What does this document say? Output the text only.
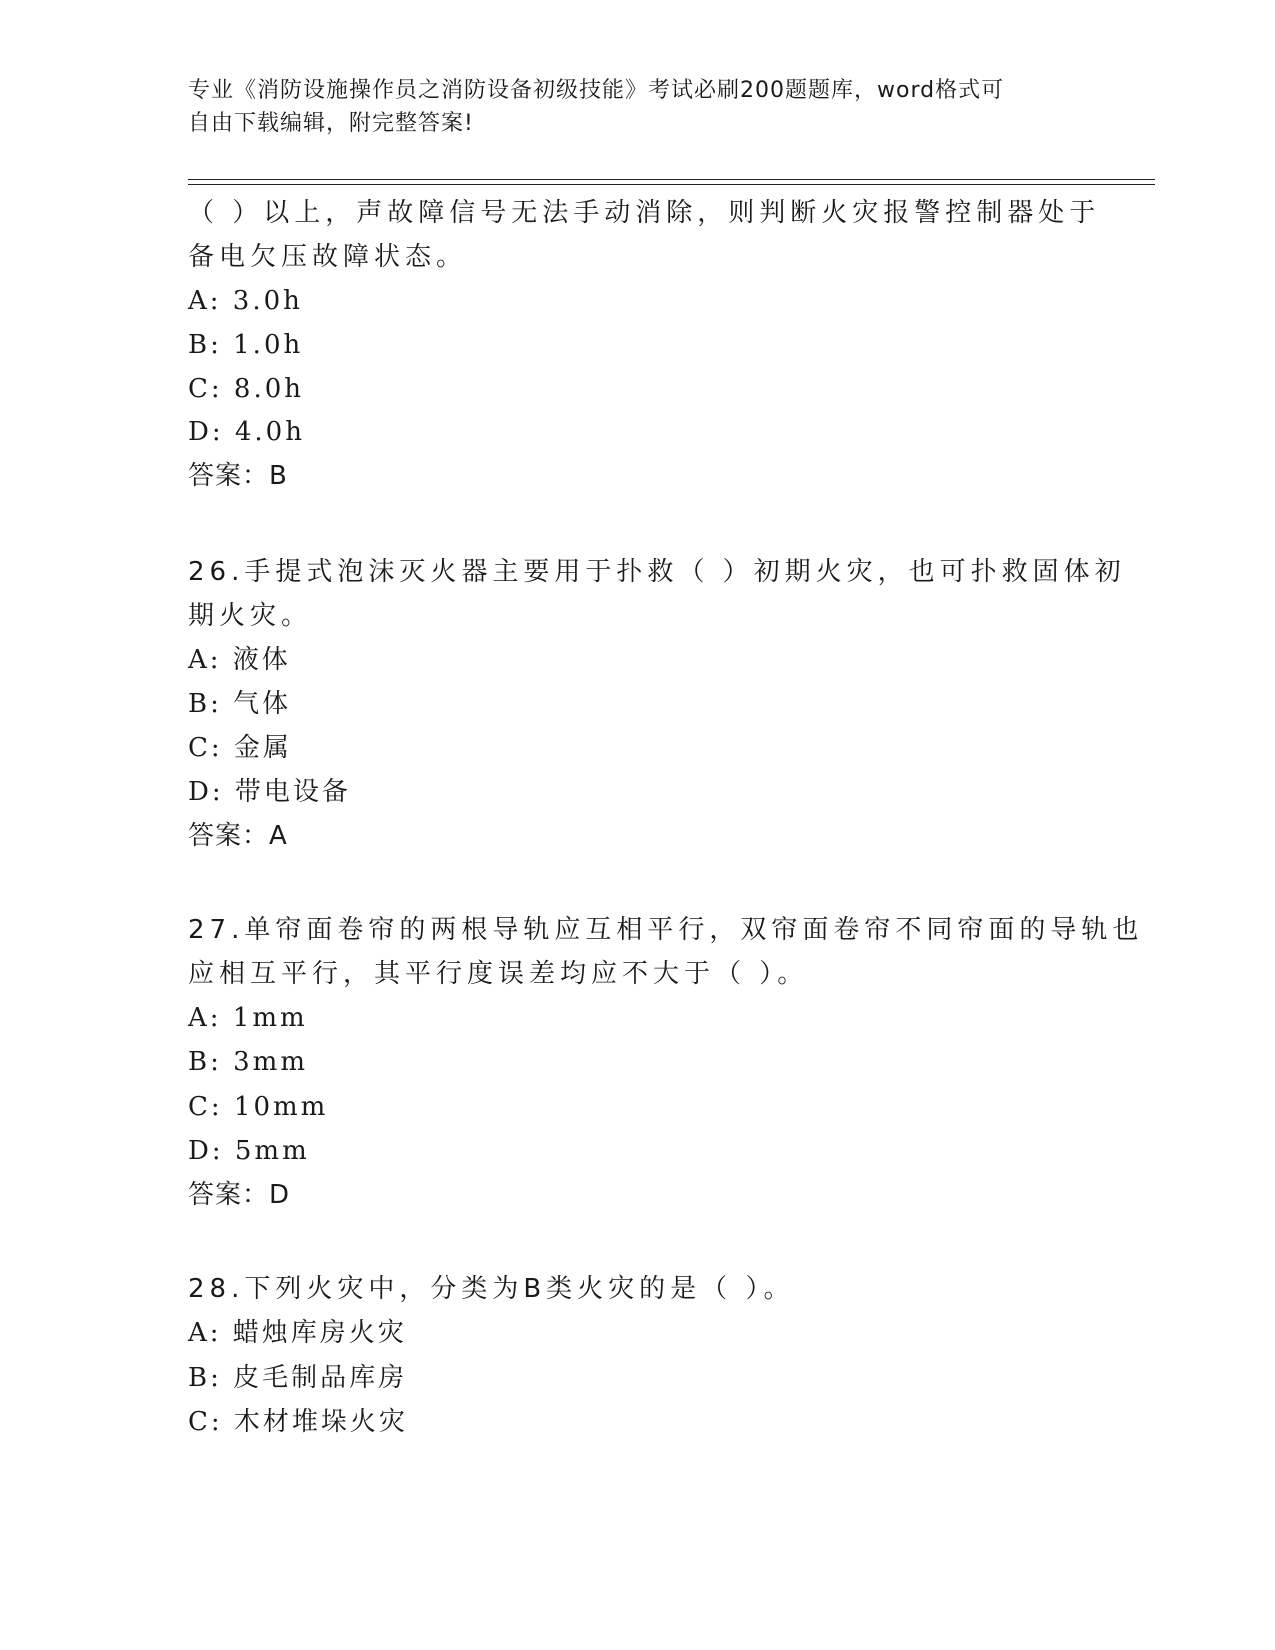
专业《消防设施操作员之消防设备初级技能》考试必刷200题题库，word格式可
自由下载编辑，附完整答案!
（ ）以上，声故障信号无法手动消除，则判断火灾报警控制器处于
备电欠压故障状态。
A: 3.0h
B: 1.0h
C: 8.0h
D: 4.0h
答案：B
26.手提式泡沫灭火器主要用于扑救（ ）初期火灾，也可扑救固体初
期火灾。
A: 液体
B: 气体
C: 金属
D: 带电设备
答案：A
27.单帘面卷帘的两根导轨应互相平行，双帘面卷帘不同帘面的导轨也
应相互平行，其平行度误差均应不大于（ ）。
A: 1mm
B: 3mm
C: 10mm
D: 5mm
答案：D
28.下列火灾中，分类为B类火灾的是（ ）。
A: 蜡烛库房火灾
B: 皮毛制品库房
C: 木材堆垛火灾
